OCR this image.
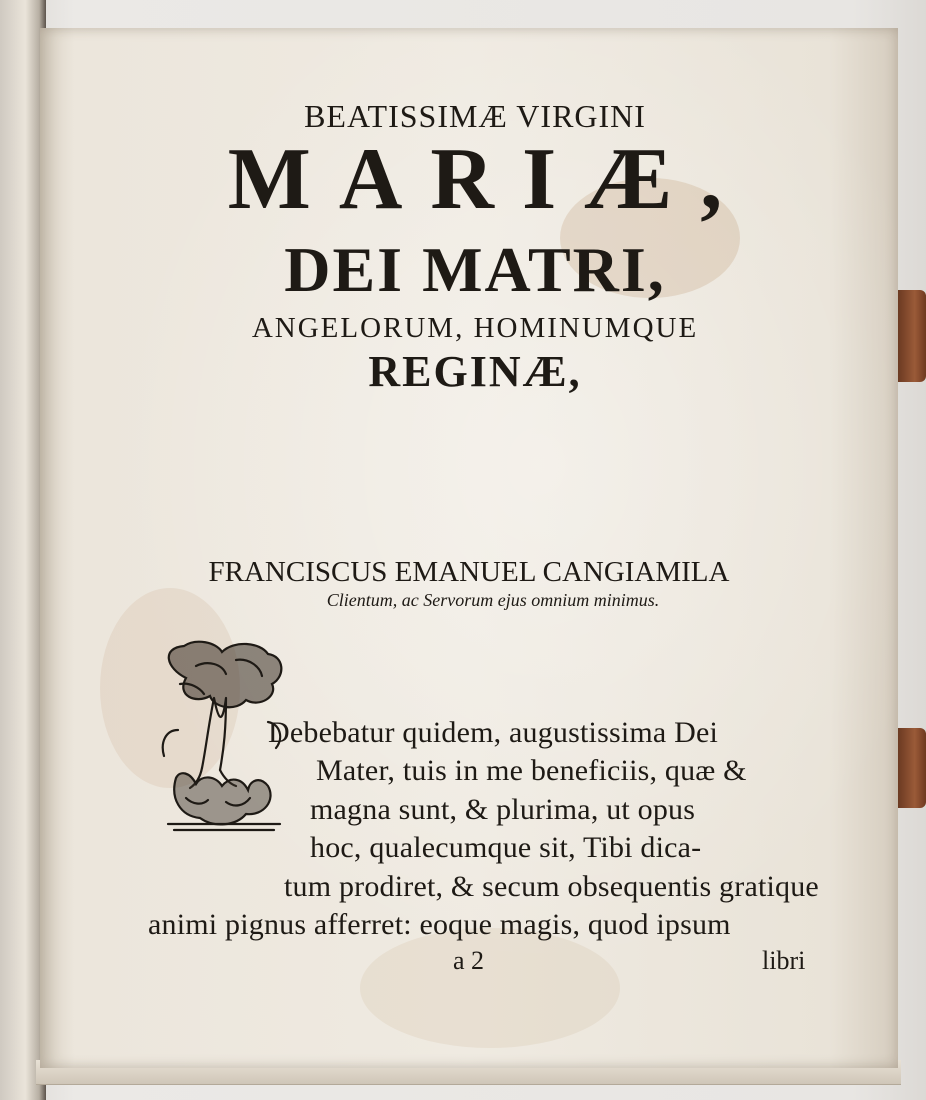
BEATISSIMÆ VIRGINI
MARIÆ,
DEI MATRI,
ANGELORUM, HOMINUMQUE
REGINÆ,
FRANCISCUS EMANUEL CANGIAMILA
Clientum, ac Servorum ejus omnium minimus.
Debebatur quidem, augustissima Dei
Mater, tuis in me beneficiis, quæ &
magna sunt, & plurima, ut opus
hoc, qualecumque sit, Tibi dica-
tum prodiret, & secum obsequentis gratique
animi pignus afferret: eoque magis, quod ipsum
a 2	libri
